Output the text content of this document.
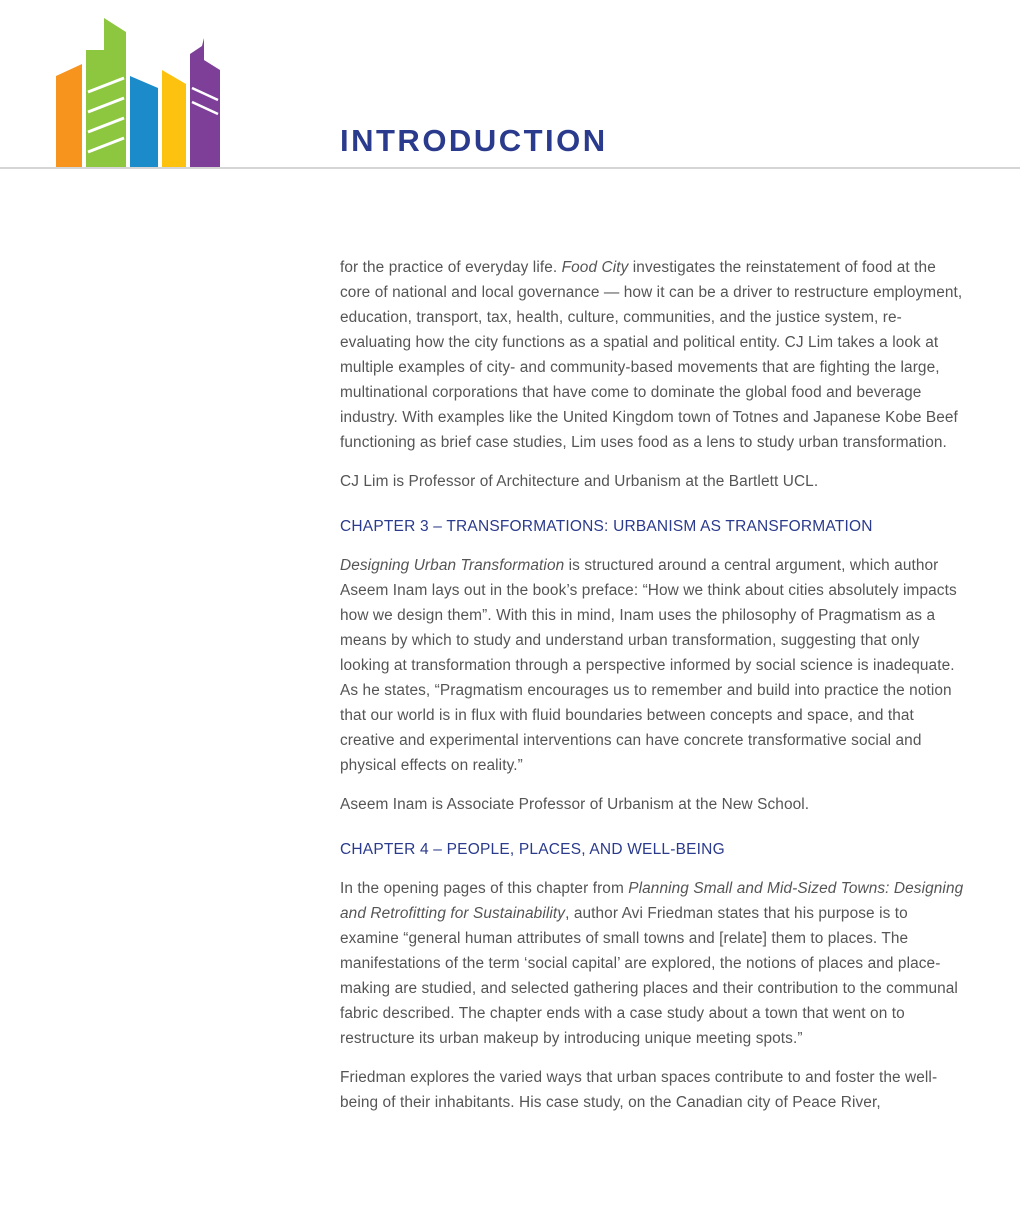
INTRODUCTION

for the practice of everyday life. Food City investigates the reinstatement of food at the core of national and local governance — how it can be a driver to restructure employment, education, transport, tax, health, culture, communities, and the justice system, re-evaluating how the city functions as a spatial and political entity. CJ Lim takes a look at multiple examples of city- and community-based movements that are fighting the large, multinational corporations that have come to dominate the global food and beverage industry. With examples like the United Kingdom town of Totnes and Japanese Kobe Beef functioning as brief case studies, Lim uses food as a lens to study urban transformation.

CJ Lim is Professor of Architecture and Urbanism at the Bartlett UCL.

CHAPTER 3 – TRANSFORMATIONS: URBANISM AS TRANSFORMATION

Designing Urban Transformation is structured around a central argument, which author Aseem Inam lays out in the book’s preface: “How we think about cities absolutely impacts how we design them”. With this in mind, Inam uses the philosophy of Pragmatism as a means by which to study and understand urban transformation, suggesting that only looking at transformation through a perspective informed by social science is inadequate. As he states, “Pragmatism encourages us to remember and build into practice the notion that our world is in flux with fluid boundaries between concepts and space, and that creative and experimental interventions can have concrete transformative social and physical effects on reality.”

Aseem Inam is Associate Professor of Urbanism at the New School.

CHAPTER 4 – PEOPLE, PLACES, AND WELL-BEING

In the opening pages of this chapter from Planning Small and Mid-Sized Towns: Designing and Retrofitting for Sustainability, author Avi Friedman states that his purpose is to examine “general human attributes of small towns and [relate] them to places. The manifestations of the term ‘social capital’ are explored, the notions of places and place-making are studied, and selected gathering places and their contribution to the communal fabric described. The chapter ends with a case study about a town that went on to restructure its urban makeup by introducing unique meeting spots.”

Friedman explores the varied ways that urban spaces contribute to and foster the well-being of their inhabitants. His case study, on the Canadian city of Peace River,
